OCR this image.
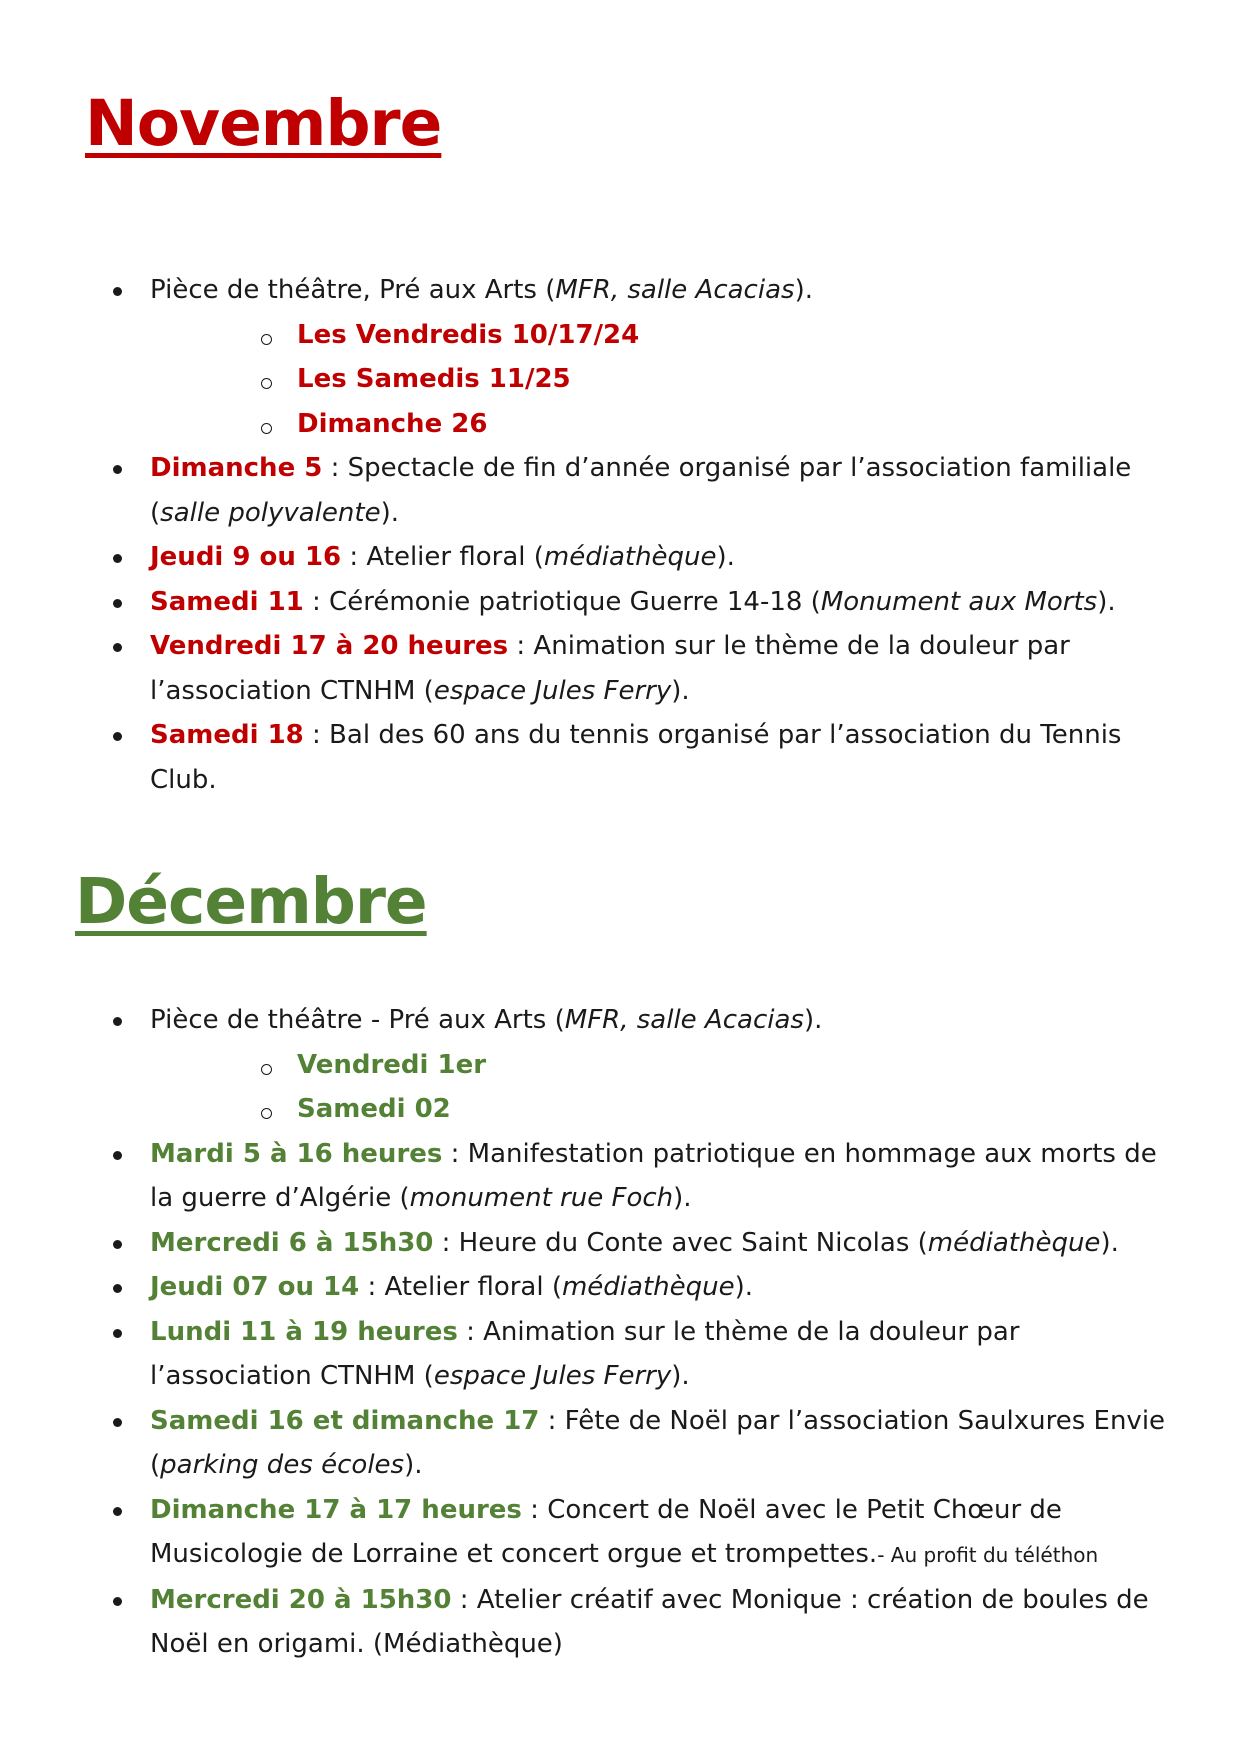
Novembre
Pièce de théâtre, Pré aux Arts (MFR, salle Acacias).
Les Vendredis 10/17/24
Les Samedis 11/25
Dimanche 26
Dimanche 5 : Spectacle de fin d’année organisé par l’association familiale (salle polyvalente).
Jeudi 9 ou 16 : Atelier floral (médiathèque).
Samedi 11 : Cérémonie patriotique Guerre 14-18 (Monument aux Morts).
Vendredi 17 à 20 heures : Animation sur le thème de la douleur par l’association CTNHM (espace Jules Ferry).
Samedi 18 : Bal des 60 ans du tennis organisé par l’association du Tennis Club.
Décembre
Pièce de théâtre - Pré aux Arts (MFR, salle Acacias).
Vendredi 1er
Samedi 02
Mardi 5 à 16 heures : Manifestation patriotique en hommage aux morts de la guerre d’Algérie (monument rue Foch).
Mercredi 6 à 15h30 : Heure du Conte avec Saint Nicolas (médiathèque).
Jeudi 07 ou 14 : Atelier floral (médiathèque).
Lundi 11 à 19 heures : Animation sur le thème de la douleur par l’association CTNHM (espace Jules Ferry).
Samedi 16 et dimanche 17 : Fête de Noël par l’association Saulxures Envie (parking des écoles).
Dimanche 17 à 17 heures : Concert de Noël avec le Petit Chœur de Musicologie de Lorraine et concert orgue et trompettes.- Au profit du téléthon
Mercredi 20 à 15h30 : Atelier créatif avec Monique : création de boules de Noël en origami. (Médiathèque)
